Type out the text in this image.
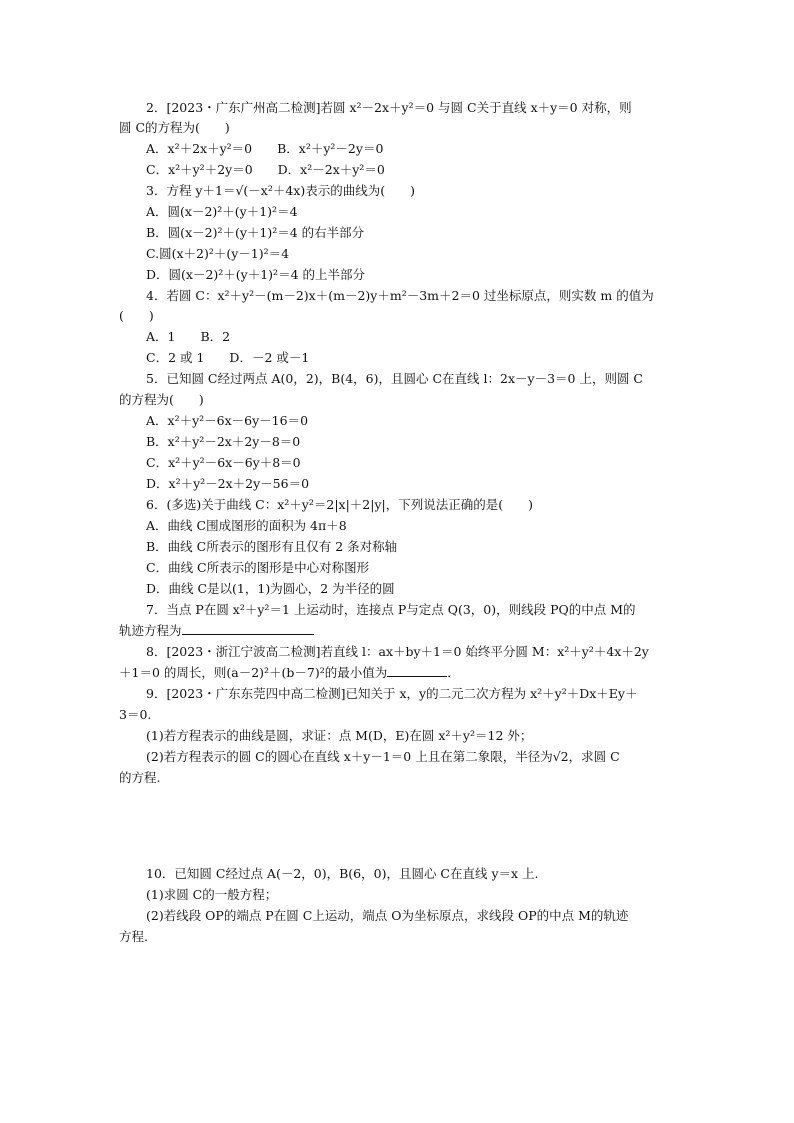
2．[2023・广东广州高二检测]若圆 x²－2x＋y²＝0 与圆 C关于直线 x＋y＝0 对称，则
圆 C的方程为(　　)
A．x²＋2x＋y²＝0　　B．x²＋y²－2y＝0
C．x²＋y²＋2y＝0　　D．x²－2x＋y²＝0
3．方程 y＋1＝√(－x²＋4x)表示的曲线为(　　)
A．圆(x－2)²＋(y＋1)²＝4
B．圆(x－2)²＋(y＋1)²＝4 的右半部分
C.圆(x＋2)²＋(y－1)²＝4
D．圆(x－2)²＋(y＋1)²＝4 的上半部分
4．若圆 C：x²＋y²－(m－2)x＋(m－2)y＋m²－3m＋2＝0 过坐标原点，则实数 m 的值为
(　　)
A．1　　B．2
C．2 或 1　　D．－2 或－1
5．已知圆 C经过两点 A(0，2)，B(4，6)，且圆心 C在直线 l：2x－y－3＝0 上，则圆 C
的方程为(　　)
A．x²＋y²－6x－6y－16＝0
B．x²＋y²－2x＋2y－8＝0
C．x²＋y²－6x－6y＋8＝0
D．x²＋y²－2x＋2y－56＝0
6．(多选)关于曲线 C：x²＋y²＝2|x|＋2|y|，下列说法正确的是(　　)
A．曲线 C围成图形的面积为 4π＋8
B．曲线 C所表示的图形有且仅有 2 条对称轴
C．曲线 C所表示的图形是中心对称图形
D．曲线 C是以(1，1)为圆心，2 为半径的圆
7．当点 P在圆 x²＋y²＝1 上运动时，连接点 P与定点 Q(3，0)，则线段 PQ的中点 M的
轨迹方程为
8．[2023・浙江宁波高二检测]若直线 l：ax＋by＋1＝0 始终平分圆 M：x²＋y²＋4x＋2y
＋1＝0 的周长，则(a－2)²＋(b－7)²的最小值为	．
9．[2023・广东东莞四中高二检测]已知关于 x，y的二元二次方程为 x²＋y²＋Dx＋Ey＋
3＝0.
(1)若方程表示的曲线是圆，求证：点 M(D，E)在圆 x²＋y²＝12 外；
(2)若方程表示的圆 C的圆心在直线 x＋y－1＝0 上且在第二象限，半径为√2，求圆 C
的方程.
10．已知圆 C经过点 A(－2，0)，B(6，0)，且圆心 C在直线 y＝x 上.
(1)求圆 C的一般方程；
(2)若线段 OP的端点 P在圆 C上运动，端点 O为坐标原点，求线段 OP的中点 M的轨迹
方程.
